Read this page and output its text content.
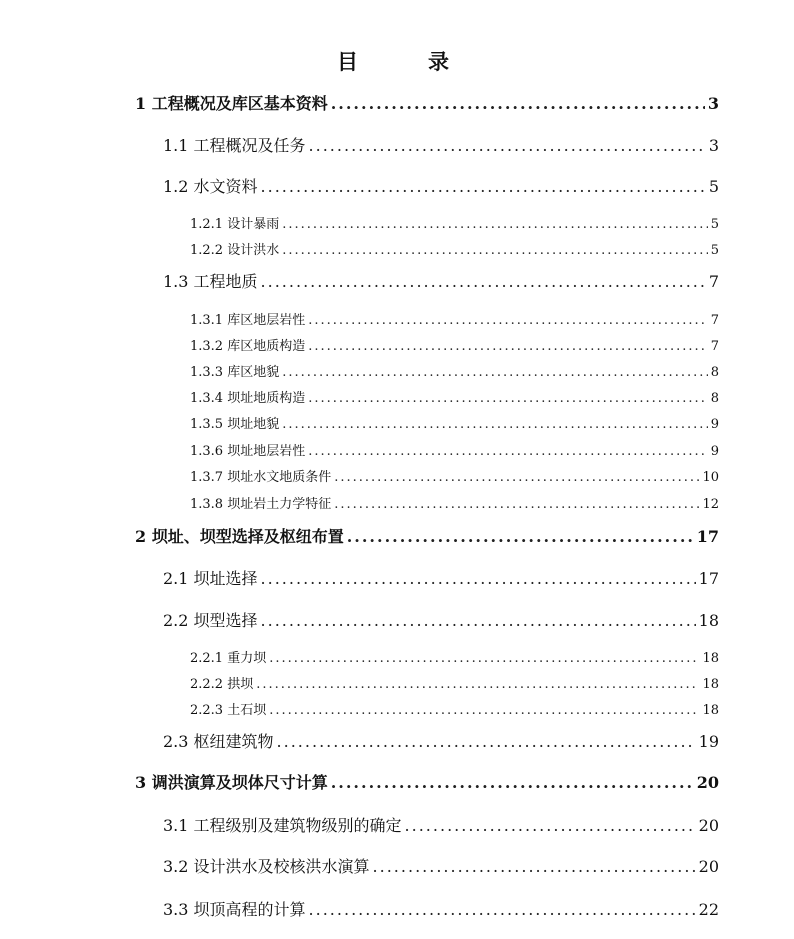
目录
1 工程概况及库区基本资料 .....	3
1.1 工程概况及任务 .....	3
1.2 水文资料 .....	5
1.2.1 设计暴雨 .....	5
1.2.2 设计洪水 .....	5
1.3 工程地质 .....	7
1.3.1 库区地层岩性 .....	7
1.3.2 库区地质构造 .....	7
1.3.3 库区地貌 .....	8
1.3.4 坝址地质构造 .....	8
1.3.5 坝址地貌 .....	9
1.3.6 坝址地层岩性 .....	9
1.3.7 坝址水文地质条件 .....	10
1.3.8 坝址岩土力学特征 .....	12
2 坝址、坝型选择及枢纽布置 .....	17
2.1 坝址选择 .....	17
2.2 坝型选择 .....	18
2.2.1 重力坝 .....	18
2.2.2 拱坝 .....	18
2.2.3 土石坝 .....	18
2.3 枢纽建筑物 .....	19
3 调洪演算及坝体尺寸计算 .....	20
3.1 工程级别及建筑物级别的确定 .....	20
3.2 设计洪水及校核洪水演算 .....	20
3.3 坝顶高程的计算 .....	22
